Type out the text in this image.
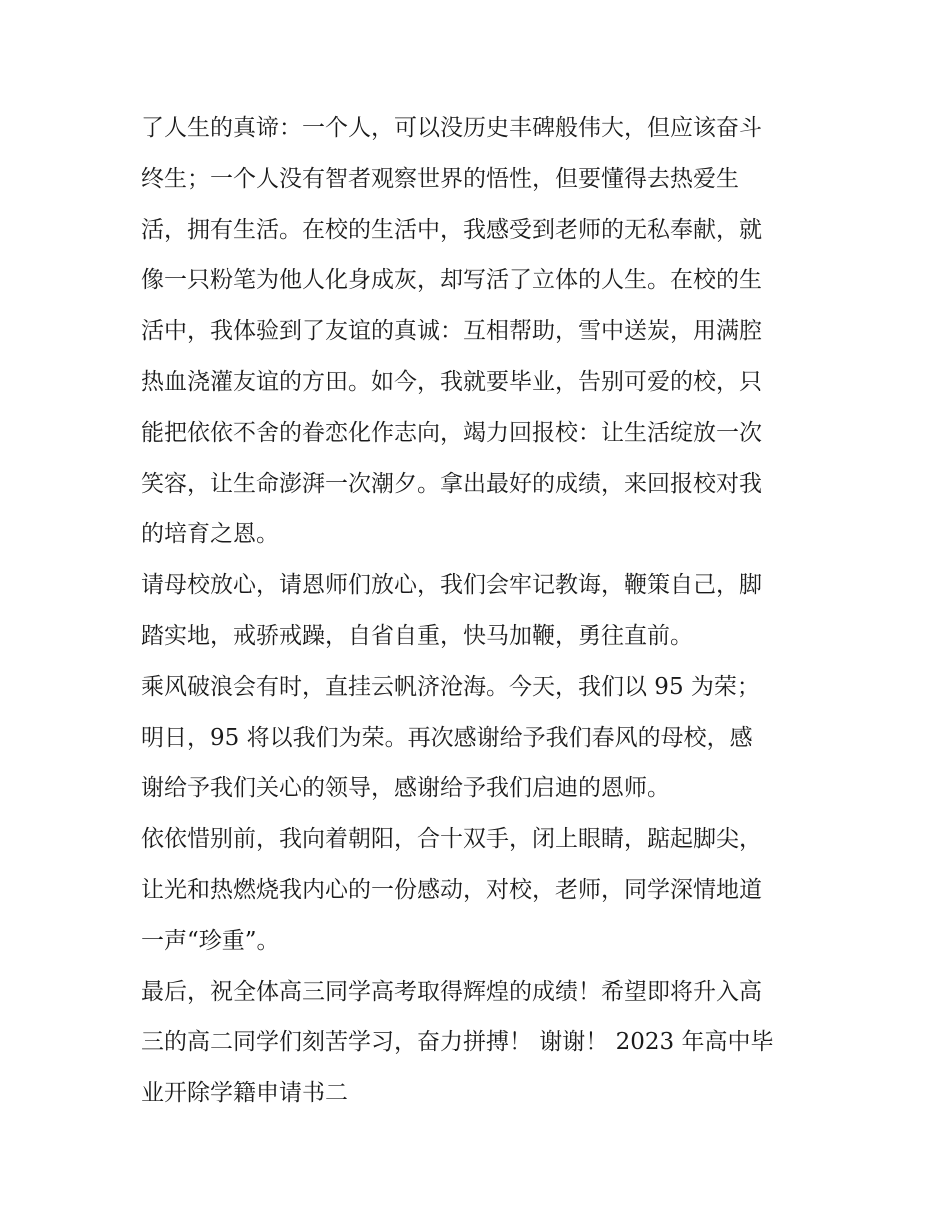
了人生的真谛：一个人，可以没历史丰碑般伟大，但应该奋斗
终生；一个人没有智者观察世界的悟性，但要懂得去热爱生
活，拥有生活。在校的生活中，我感受到老师的无私奉献，就
像一只粉笔为他人化身成灰，却写活了立体的人生。在校的生
活中，我体验到了友谊的真诚：互相帮助，雪中送炭，用满腔
热血浇灌友谊的方田。如今，我就要毕业，告别可爱的校，只
能把依依不舍的眷恋化作志向，竭力回报校：让生活绽放一次
笑容，让生命澎湃一次潮夕。拿出最好的成绩，来回报校对我
的培育之恩。
请母校放心，请恩师们放心，我们会牢记教诲，鞭策自己，脚
踏实地，戒骄戒躁，自省自重，快马加鞭，勇往直前。
乘风破浪会有时，直挂云帆济沧海。今天，我们以 95 为荣；
明日，95 将以我们为荣。再次感谢给予我们春风的母校，感
谢给予我们关心的领导，感谢给予我们启迪的恩师。
依依惜别前，我向着朝阳，合十双手，闭上眼睛，踮起脚尖，
让光和热燃烧我内心的一份感动，对校，老师，同学深情地道
一声“珍重”。
最后，祝全体高三同学高考取得辉煌的成绩！希望即将升入高
三的高二同学们刻苦学习，奋力拼搏！ 谢谢！ 2023 年高中毕
业开除学籍申请书二
